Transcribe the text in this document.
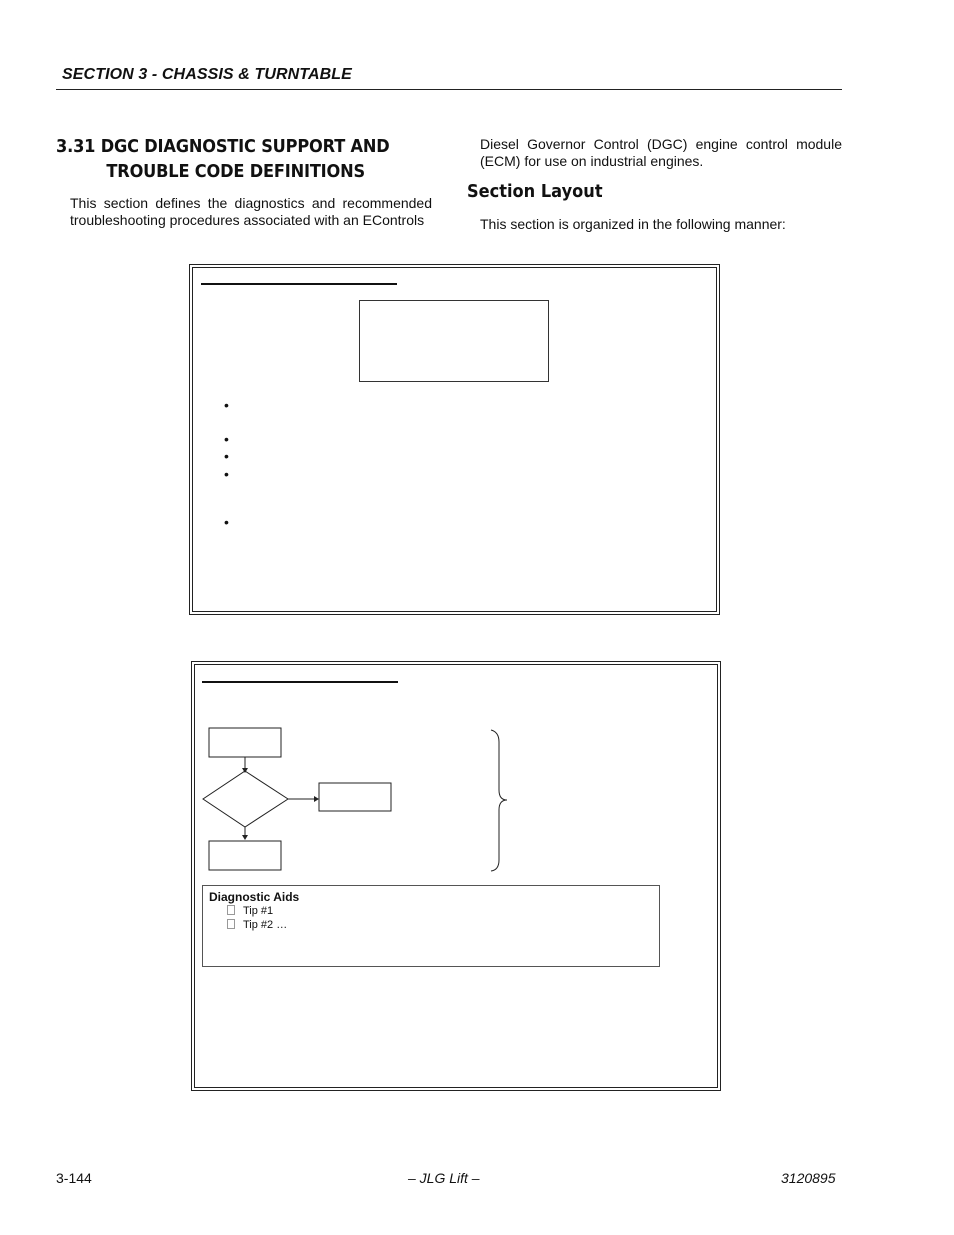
SECTION 3 - CHASSIS & TURNTABLE
3.31 DGC DIAGNOSTIC SUPPORT AND
TROUBLE CODE DEFINITIONS
This section defines the diagnostics and recommended troubleshooting procedures associated with an EControls
Diesel Governor Control (DGC) engine control module (ECM) for use on industrial engines.
Section Layout
This section is organized in the following manner:
•
•
•
•
•
Diagnostic Aids
Tip #1
Tip #2 …
3-144	– JLG Lift –	3120895
